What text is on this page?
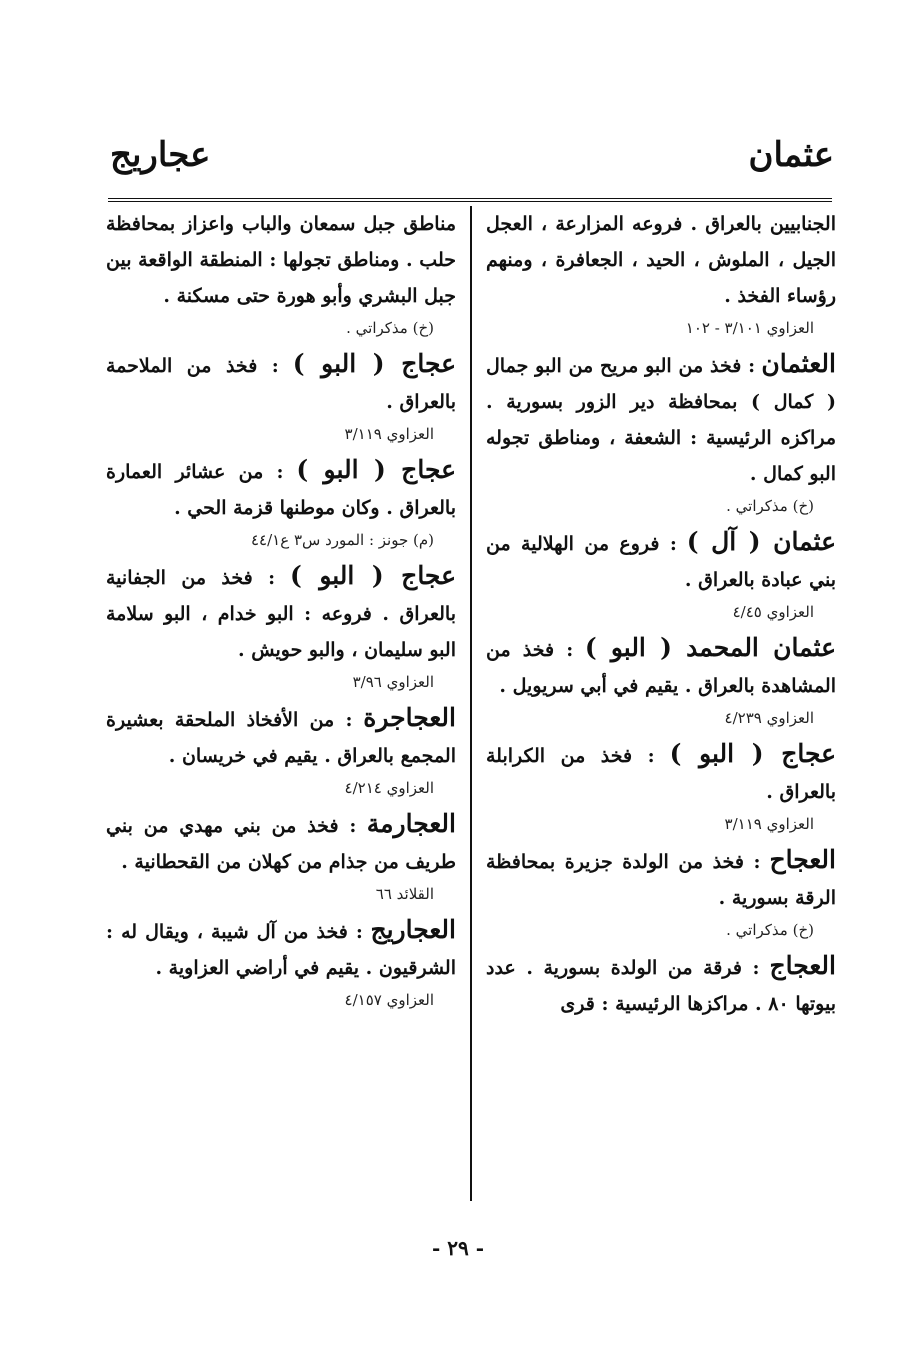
عثمان
عجاريج

الجنابيين بالعراق . فروعه المزارعة ، العجل الجيل ، الملوش ، الحيد ، الجعافرة ، ومنهم رؤساء الفخذ .

العزاوي ٣/١٠١ - ١٠٢

العثمان : فخذ من البو مريح من البو جمال ( كمال ) بمحافظة دير الزور بسورية . مراكزه الرئيسية : الشعفة ، ومناطق تجوله البو كمال .

(خ) مذكراتي .

عثمان ( آل ) : فروع من الهلالية من بني عبادة بالعراق .

العزاوي ٤/٤٥

عثمان المحمد ( البو ) : فخذ من المشاهدة بالعراق . يقيم في أبي سريويل .

العزاوي ٤/٢٣٩

عجاج ( البو ) : فخذ من الكرابلة بالعراق .

العزاوي ٣/١١٩

العجاح : فخذ من الولدة جزيرة بمحافظة الرقة بسورية .

(خ) مذكراتي .

العجاج : فرقة من الولدة بسورية . عدد بيوتها ٨٠ . مراكزها الرئيسية : قرى

مناطق جبل سمعان والباب واعزاز بمحافظة حلب . ومناطق تجولها : المنطقة الواقعة بين جبل البشري وأبو هورة حتى مسكنة .

(خ) مذكراتي .

عجاج ( البو ) : فخذ من الملاحمة بالعراق .

العزاوي ٣/١١٩

عجاج ( البو ) : من عشائر العمارة بالعراق . وكان موطنها قزمة الحي .

(م) جونز : المورد س٣ ع٤٤/١

عجاج ( البو ) : فخذ من الجفانية بالعراق . فروعه : البو خدام ، البو سلامة البو سليمان ، والبو حويش .

العزاوي ٣/٩٦

العجاجرة : من الأفخاذ الملحقة بعشيرة المجمع بالعراق . يقيم في خريسان .

العزاوي ٤/٢١٤

العجارمة : فخذ من بني مهدي من بني طريف من جذام من كهلان من القحطانية .

القلائد ٦٦

العجاريج : فخذ من آل شيبة ، ويقال له : الشرقيون . يقيم في أراضي العزاوية .

العزاوي ٤/١٥٧

- ٢٩ -
